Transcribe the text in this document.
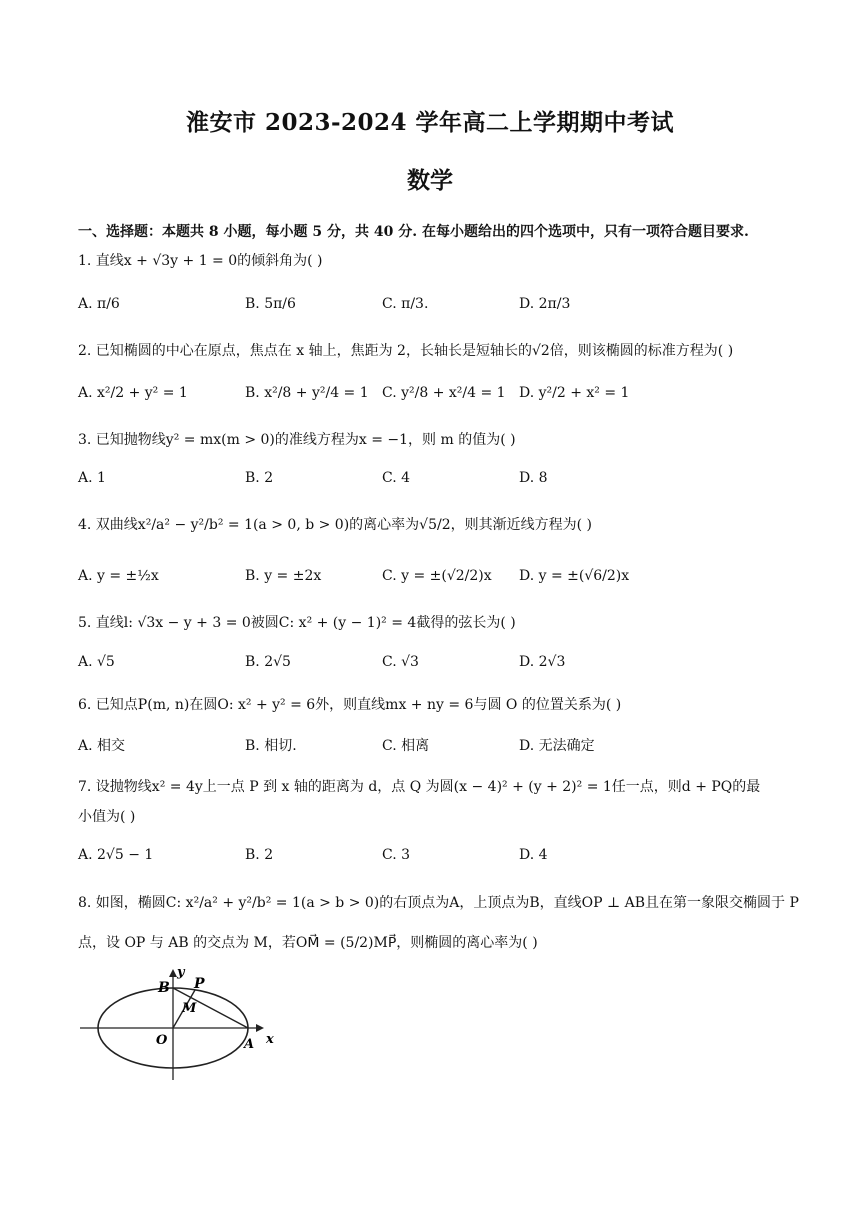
淮安市 2023-2024 学年高二上学期期中考试
数学
一、选择题：本题共 8 小题，每小题 5 分，共 40 分. 在每小题给出的四个选项中，只有一项符合题目要求.
1. 直线x + √3y + 1 = 0的倾斜角为( )
A. π/6	B. 5π/6	C. π/3.	D. 2π/3
2. 已知椭圆的中心在原点，焦点在 x 轴上，焦距为 2，长轴长是短轴长的√2倍，则该椭圆的标准方程为( )
A. x²/2 + y² = 1	B. x²/8 + y²/4 = 1 C. y²/8 + x²/4 = 1 D. y²/2 + x² = 1
3. 已知抛物线y² = mx(m > 0)的准线方程为x = −1，则 m 的值为( )
A. 1	B. 2	C. 4	D. 8
4. 双曲线x²/a² − y²/b² = 1(a > 0, b > 0)的离心率为√5/2，则其渐近线方程为( )
A. y = ±½x	B. y = ±2x	C. y = ±(√2/2)x D. y = ±(√6/2)x
5. 直线l: √3x − y + 3 = 0被圆C: x² + (y − 1)² = 4截得的弦长为( )
A. √5	B. 2√5	C. √3	D. 2√3
6. 已知点P(m, n)在圆O: x² + y² = 6外，则直线mx + ny = 6与圆 O 的位置关系为( )
A. 相交	B. 相切.	C. 相离	D. 无法确定
7. 设抛物线x² = 4y上一点 P 到 x 轴的距离为 d，点 Q 为圆(x − 4)² + (y + 2)² = 1任一点，则d + PQ的最
小值为( )
A. 2√5 − 1	B. 2	C. 3	D. 4
8. 如图，椭圆C: x²/a² + y²/b² = 1(a > b > 0)的右顶点为A，上顶点为B，直线OP ⊥ AB且在第一象限交椭圆于 P
点，设 OP 与 AB 的交点为 M，若OM⃗ = (5/2)MP⃗，则椭圆的离心率为( )
B
y
P
M
O	A x
